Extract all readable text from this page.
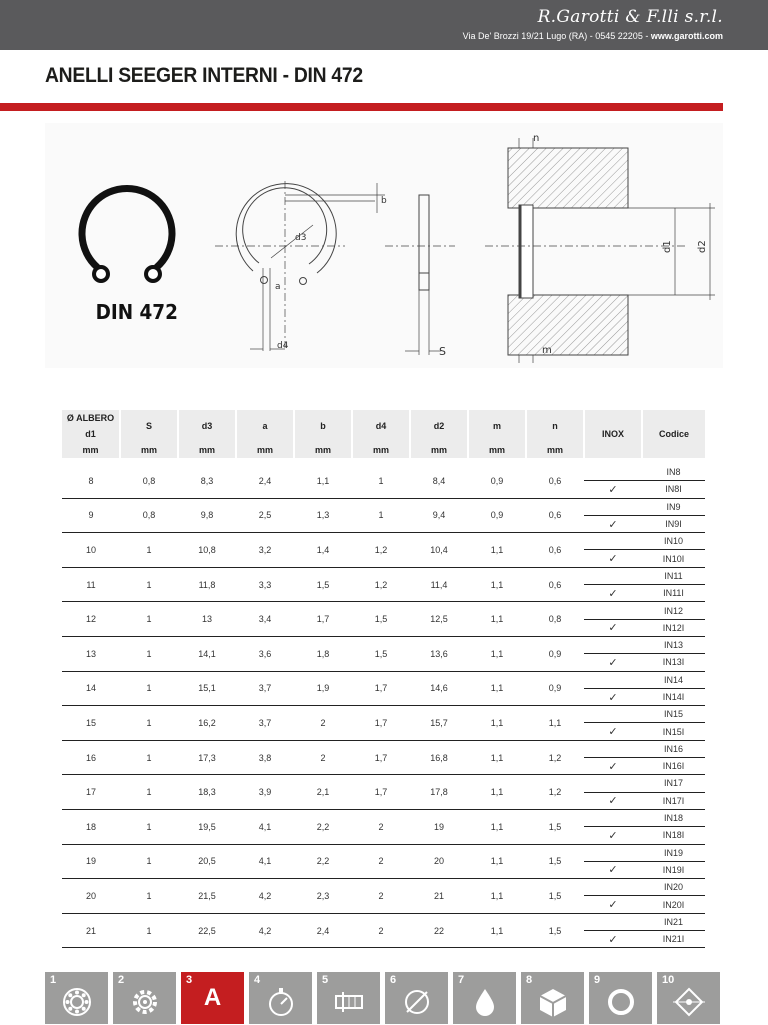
R.Garotti & F.lli s.r.l.
Via De' Brozzi 19/21 Lugo (RA) - 0545 22205 - www.garotti.com
ANELLI SEEGER INTERNI - DIN 472
DIN 472
d3
a
b
d4	S
n
m
d1 d2
Ø ALBERO	S	d3	a	b	d4	d2	m	n	INOX	Codice
d1										
mm	mm	mm	mm	mm	mm	mm	mm	mm		
8	0,8	8,3	2,4	1,1	1	8,4	0,9	0,6		IN8
									✓	IN8I
9	0,8	9,8	2,5	1,3	1	9,4	0,9	0,6		IN9
									✓	IN9I
10	1	10,8	3,2	1,4	1,2	10,4	1,1	0,6		IN10
									✓	IN10I
11	1	11,8	3,3	1,5	1,2	11,4	1,1	0,6		IN11
									✓	IN11I
12	1	13	3,4	1,7	1,5	12,5	1,1	0,8		IN12
									✓	IN12I
13	1	14,1	3,6	1,8	1,5	13,6	1,1	0,9		IN13
									✓	IN13I
14	1	15,1	3,7	1,9	1,7	14,6	1,1	0,9		IN14
									✓	IN14I
15	1	16,2	3,7	2	1,7	15,7	1,1	1,1		IN15
									✓	IN15I
16	1	17,3	3,8	2	1,7	16,8	1,1	1,2		IN16
									✓	IN16I
17	1	18,3	3,9	2,1	1,7	17,8	1,1	1,2		IN17
									✓	IN17I
18	1	19,5	4,1	2,2	2	19	1,1	1,5		IN18
									✓	IN18I
19	1	20,5	4,1	2,2	2	20	1,1	1,5		IN19
									✓	IN19I
20	1	21,5	4,2	2,3	2	21	1,1	1,5		IN20
									✓	IN20I
21	1	22,5	4,2	2,4	2	22	1,1	1,5		IN21
									✓	IN21I
1	2	3
A
4	5	6	7	8	9	10
